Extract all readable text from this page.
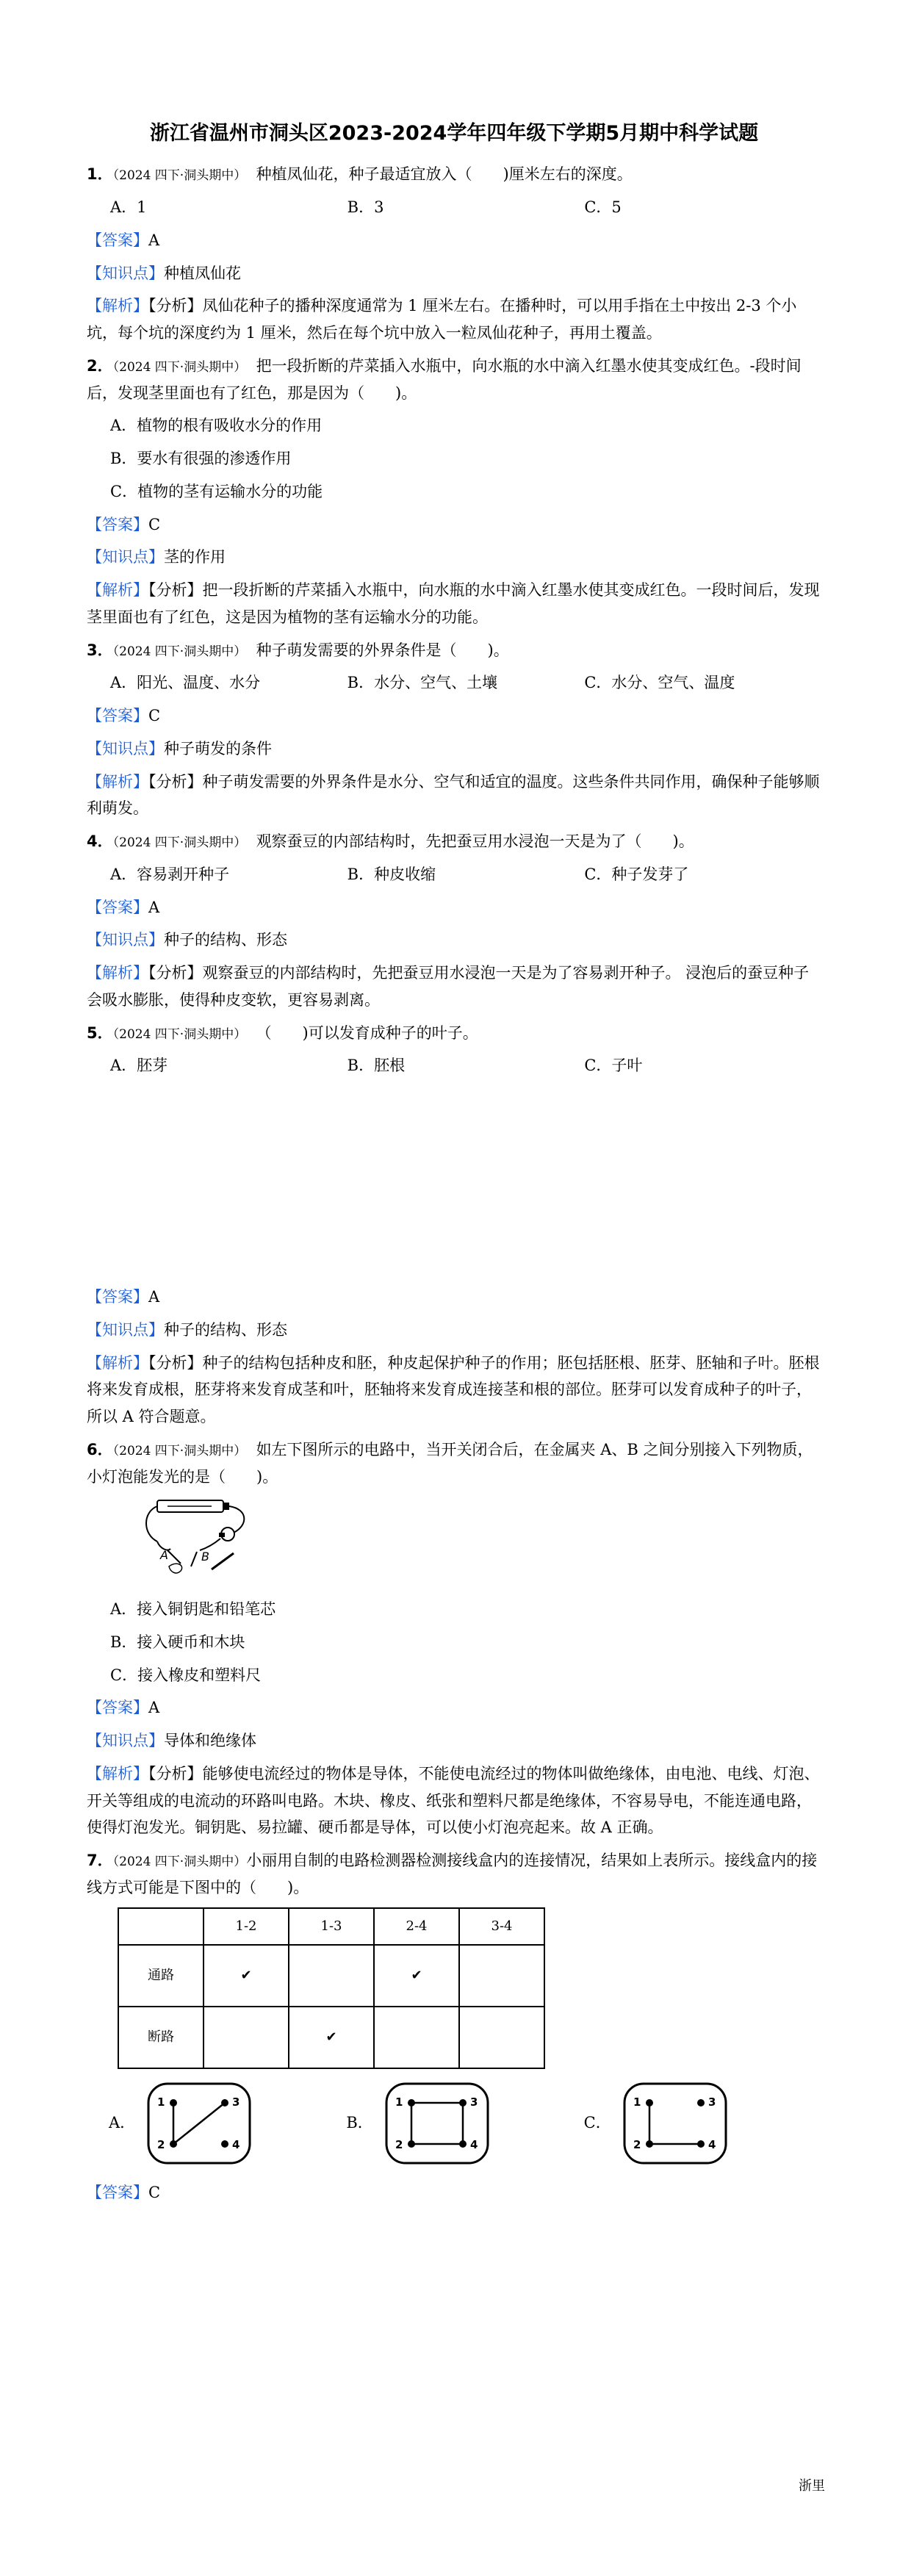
浙江省温州市洞头区2023-2024学年四年级下学期5月期中科学试题
1．（2024 四下·洞头期中） 种植凤仙花，种子最适宜放入（　　)厘米左右的深度。
A．1	B．3	C．5
【答案】A
【知识点】种植凤仙花
【解析】【分析】凤仙花种子的播种深度通常为 1 厘米左右。在播种时，可以用手指在土中按出 2-3 个小坑，每个坑的深度约为 1 厘米，然后在每个坑中放入一粒凤仙花种子，再用土覆盖。
2．（2024 四下·洞头期中） 把一段折断的芹菜插入水瓶中，向水瓶的水中滴入红墨水使其变成红色。-段时间后，发现茎里面也有了红色，那是因为（　　)。
A．植物的根有吸收水分的作用
B．要水有很强的渗透作用
C．植物的茎有运输水分的功能
【答案】C
【知识点】茎的作用
【解析】【分析】把一段折断的芹菜插入水瓶中，向水瓶的水中滴入红墨水使其变成红色。一段时间后，发现茎里面也有了红色，这是因为植物的茎有运输水分的功能。
3．（2024 四下·洞头期中） 种子萌发需要的外界条件是（　　)。
A．阳光、温度、水分	B．水分、空气、土壤	C．水分、空气、温度
【答案】C
【知识点】种子萌发的条件
【解析】【分析】种子萌发需要的外界条件是水分、空气和适宜的温度。这些条件共同作用，确保种子能够顺利萌发。
4．（2024 四下·洞头期中） 观察蚕豆的内部结构时，先把蚕豆用水浸泡一天是为了（　　)。
A．容易剥开种子	B．种皮收缩	C．种子发芽了
【答案】A
【知识点】种子的结构、形态
【解析】【分析】观察蚕豆的内部结构时，先把蚕豆用水浸泡一天是为了容易剥开种子。 浸泡后的蚕豆种子会吸水膨胀，使得种皮变软，更容易剥离。
5．（2024 四下·洞头期中） （　　)可以发育成种子的叶子。
A．胚芽	B．胚根	C．子叶
【答案】A
【知识点】种子的结构、形态
【解析】【分析】种子的结构包括种皮和胚，种皮起保护种子的作用；胚包括胚根、胚芽、胚轴和子叶。胚根将来发育成根，胚芽将来发育成茎和叶，胚轴将来发育成连接茎和根的部位。胚芽可以发育成种子的叶子，所以 A 符合题意。
6．（2024 四下·洞头期中） 如左下图所示的电路中，当开关闭合后，在金属夹 A、B 之间分别接入下列物质，小灯泡能发光的是（　　)。
A	B
A．接入铜钥匙和铅笔芯
B．接入硬币和木块
C．接入橡皮和塑料尺
【答案】A
【知识点】导体和绝缘体
【解析】【分析】能够使电流经过的物体是导体，不能使电流经过的物体叫做绝缘体，由电池、电线、灯泡、开关等组成的电流动的环路叫电路。木块、橡皮、纸张和塑料尺都是绝缘体，不容易导电，不能连通电路，使得灯泡发光。铜钥匙、易拉罐、硬币都是导体，可以使小灯泡亮起来。故 A 正确。
7．（2024 四下·洞头期中）小丽用自制的电路检测器检测接线盒内的连接情况，结果如上表所示。接线盒内的接线方式可能是下图中的（　　)。
	1-2	1-3	2-4	3-4
通路	✔		✔	
断路		✔		
A．
1	3
2	4
B．
1	3
2	4
C．
1	3
2	4
【答案】C
浙里
